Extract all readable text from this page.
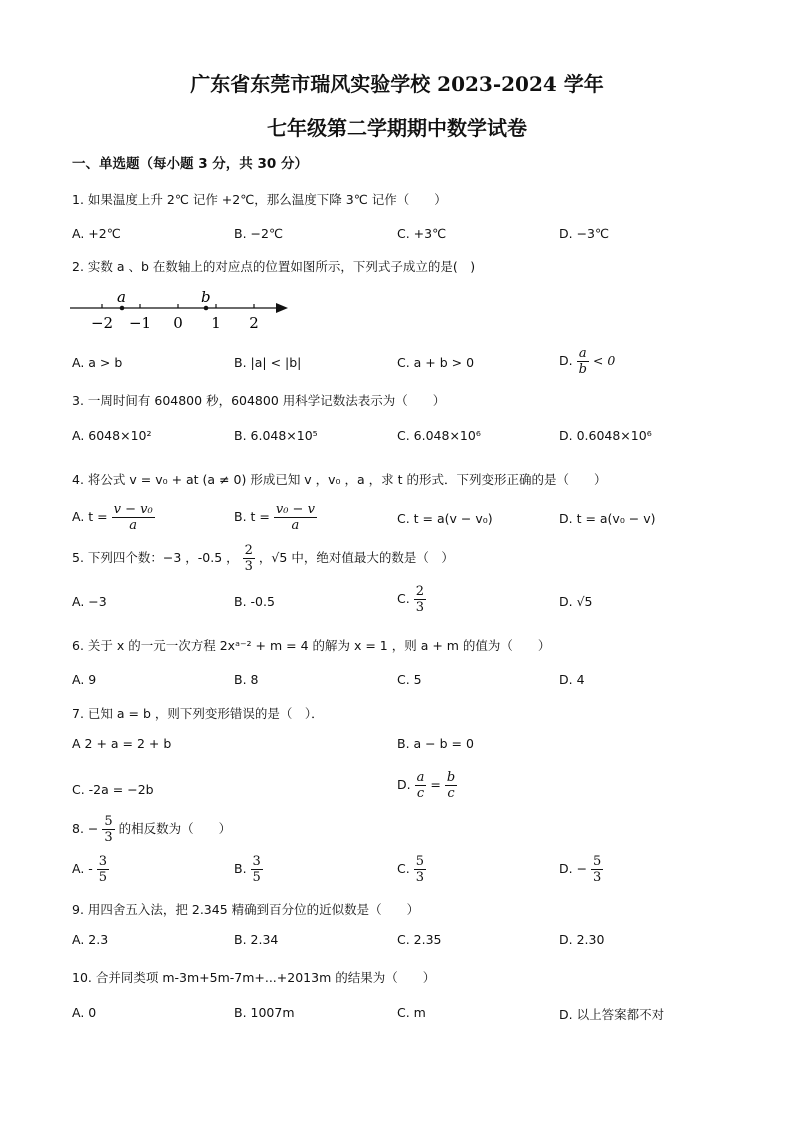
广东省东莞市瑞风实验学校 2023-2024 学年
七年级第二学期期中数学试卷
一、单选题（每小题 3 分，共 30 分）
1. 如果温度上升 2℃ 记作 +2℃，那么温度下降 3℃ 记作（　　）
A. +2℃	B. −2℃	C. +3℃	D. −3℃
2. 实数 a 、b 在数轴上的对应点的位置如图所示，下列式子成立的是(　)
−2 −1 0 1 2
a	b
A. a > b	B. |a| < |b|	C. a + b > 0	D. $\frac{a}{b} < 0$
3. 一周时间有 604800 秒，604800 用科学记数法表示为（　　）
A. 6048×10²	B. 6.048×10⁵	C. 6.048×10⁶	D. 0.6048×10⁶
4. 将公式 v = v₀ + at (a ≠ 0) 形成已知 v ，v₀ ，a ，求 t 的形式．下列变形正确的是（　　）
A. $t = \frac{\text{v − v₀}}{a}$	B. $t = \frac{\text{v₀ − v}}{a}$	C. t = a(v − v₀)	D. t = a(v₀ − v)
5. 下列四个数：−3 ，-0.5 ， $\frac{2}{3}$ ，√5 中，绝对值最大的数是（　）
A. −3	B. -0.5	C. $\frac{2}{3}$	D. √5
6. 关于 x 的一元一次方程 2xᵃ⁻² + m = 4 的解为 x = 1 ，则 a + m 的值为（　　）
A. 9	B. 8	C. 5	D. 4
7. 已知 a = b ，则下列变形错误的是（　）．
A 2 + a = 2 + b	B. a − b = 0
C. -2a = −2b	D. $\frac{a}{c} = \frac{b}{c}$
8. − $\frac{5}{3}$ 的相反数为（　　）
A. - $\frac{3}{5}$	B. $\frac{3}{5}$	C. $\frac{5}{3}$	D. − $\frac{5}{3}$
9. 用四舍五入法，把 2.345 精确到百分位的近似数是（　　）
A. 2.3	B. 2.34	C. 2.35	D. 2.30
10. 合并同类项 m-3m+5m-7m+...+2013m 的结果为（　　）
A. 0	B. 1007m	C. m	D. 以上答案都不对
